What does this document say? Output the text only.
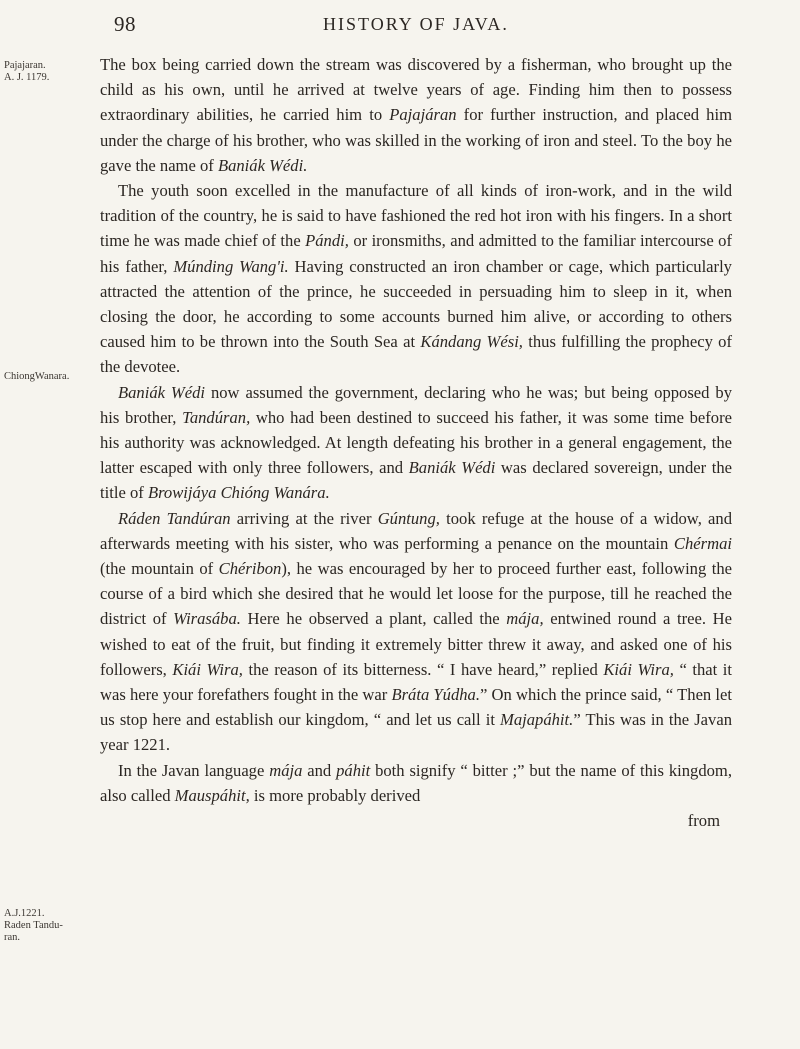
98	HISTORY OF JAVA.
Pajajaran.
A. J. 1179.
ChiongWanara.
A.J.1221.
Raden Tandu-
ran.

The box being carried down the stream was discovered by a fisherman, who brought up the child as his own, until he arrived at twelve years of age. Finding him then to possess extraordinary abilities, he carried him to Pajajáran for further instruction, and placed him under the charge of his brother, who was skilled in the working of iron and steel. To the boy he gave the name of Baniák Wédi.

The youth soon excelled in the manufacture of all kinds of iron-work, and in the wild tradition of the country, he is said to have fashioned the red hot iron with his fingers. In a short time he was made chief of the Pándi, or ironsmiths, and admitted to the familiar intercourse of his father, Múnding Wang'i. Having constructed an iron chamber or cage, which particularly attracted the attention of the prince, he succeeded in persuading him to sleep in it, when closing the door, he according to some accounts burned him alive, or according to others caused him to be thrown into the South Sea at Kándang Wési, thus fulfilling the prophecy of the devotee.

Baniák Wédi now assumed the government, declaring who he was; but being opposed by his brother, Tandúran, who had been destined to succeed his father, it was some time before his authority was acknowledged. At length defeating his brother in a general engagement, the latter escaped with only three followers, and Baniák Wédi was declared sovereign, under the title of Browijáya Chióng Wanára.

Ráden Tandúran arriving at the river Gúntung, took refuge at the house of a widow, and afterwards meeting with his sister, who was performing a penance on the mountain Chérmai (the mountain of Chéribon), he was encouraged by her to proceed further east, following the course of a bird which she desired that he would let loose for the purpose, till he reached the district of Wirasába. Here he observed a plant, called the mája, entwined round a tree. He wished to eat of the fruit, but finding it extremely bitter threw it away, and asked one of his followers, Kiái Wira, the reason of its bitterness. “ I have heard,” replied Kiái Wira, “ that it was here your forefathers fought in the war Bráta Yúdha.” On which the prince said, “ Then let us stop here and establish our kingdom, “ and let us call it Majapáhit.” This was in the Javan year 1221.

In the Javan language mája and páhit both signify “ bitter ;” but the name of this kingdom, also called Mauspáhit, is more probably derived

from
